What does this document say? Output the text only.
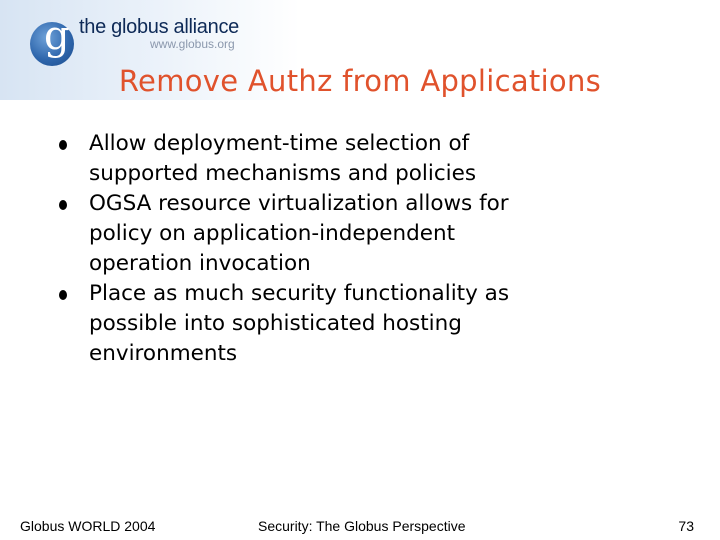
g the globus alliance
www.globus.org
Remove Authz from Applications
Allow deployment-time selection of
supported mechanisms and policies
OGSA resource virtualization allows for
policy on application-independent
operation invocation
Place as much security functionality as
possible into sophisticated hosting
environments
Globus WORLD 2004	Security: The Globus Perspective	73
